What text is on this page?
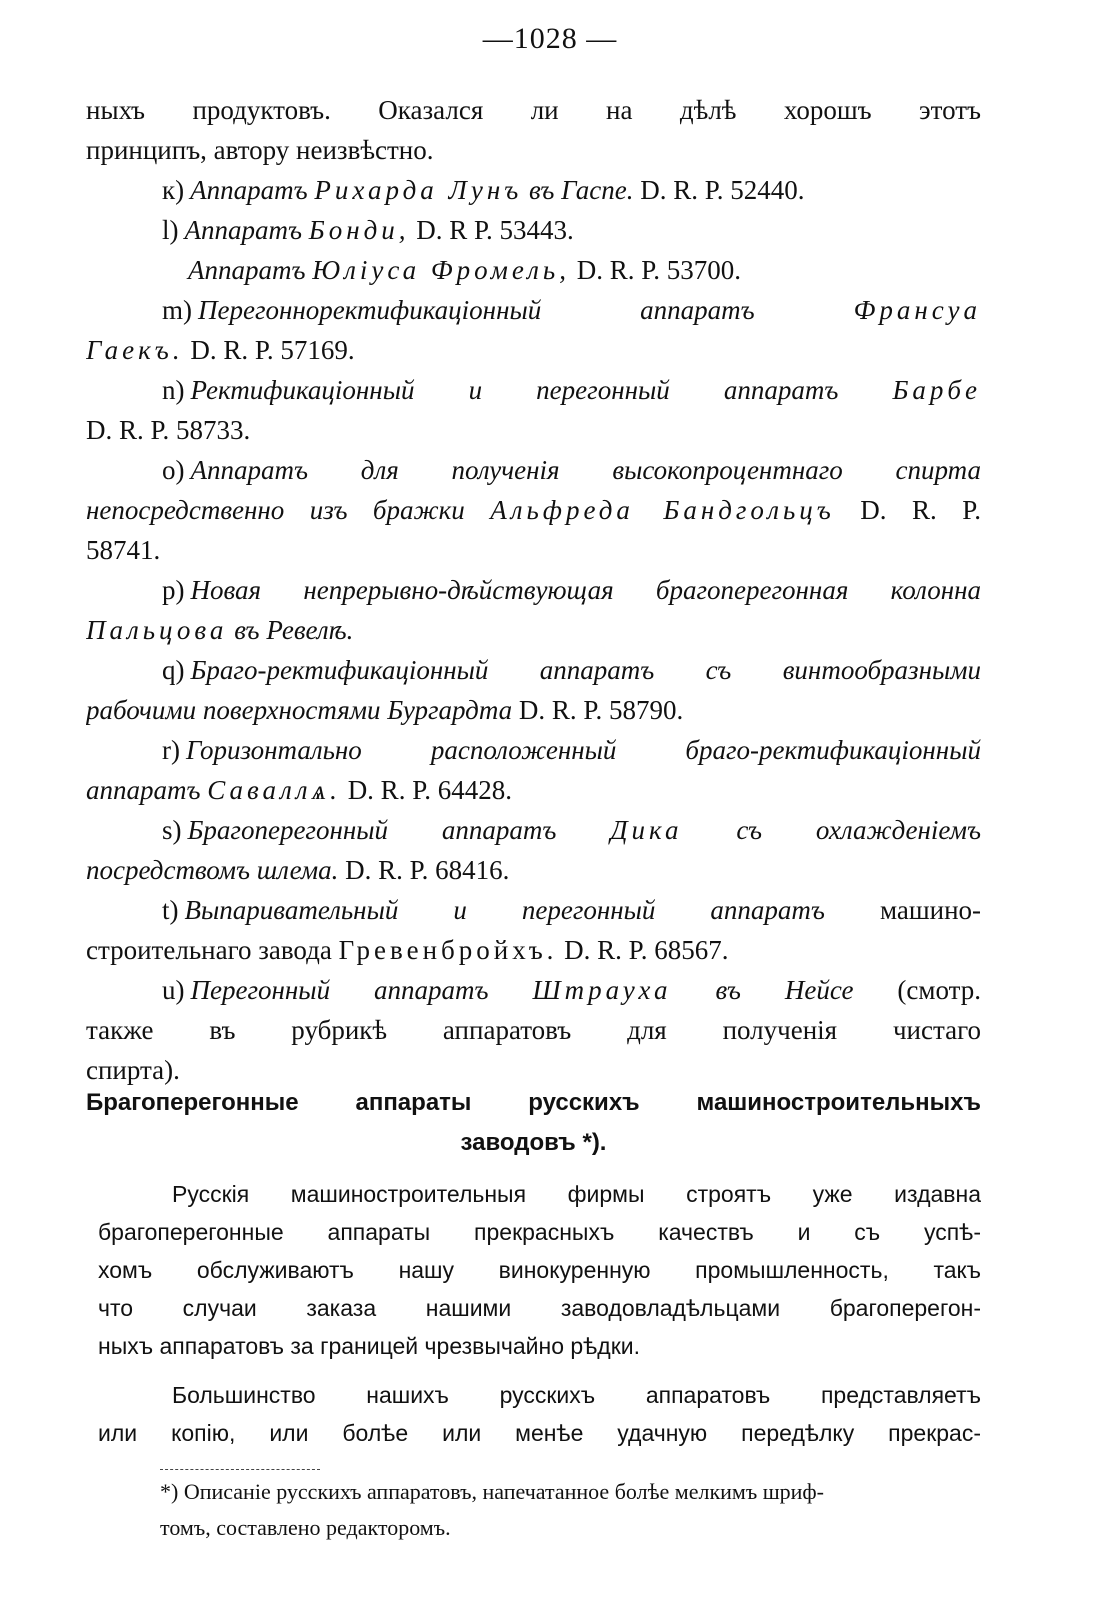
—1028 —
ныхъ продуктовъ. Оказался ли на дѣлѣ хорошъ этотъ
принципъ, автору неизвѣстно.
к) Аппаратъ Рихарда Лунъ въ Гаспе. D. R. P. 52440.
l) Аппаратъ Бонди, D. R P. 53443.
Аппаратъ Юліуса Фромель, D. R. P. 53700.
m) Перегоннoректификаціонный аппаратъ	Франсуа
Гаекъ. D. R. P. 57169.
n) Ректификаціонный и перегонный аппаратъ Барбе
D. R. P. 58733.
o) Аппаратъ для полученія высокопроцентнаго спирта
непосредственно изъ бражки Альфреда Бандгольцъ D. R. P.
58741.
p) Новая непрерывно-дѣйствующая брагоперегонная колонна
Пальцова въ Ревелѣ.
q) Браго-ректификаціонный аппаратъ съ винтообразными
рабочими поверхностями Бургардта D. R. P. 58790.
r) Горизонтально расположенный браго-ректификаціонный
аппаратъ Саваллѧ. D. R. P. 64428.
s) Брагоперегонный аппаратъ Дика съ охлажденіемъ
посредствомъ шлема. D. R. P. 68416.
t) Выпаривательный и перегонный аппаратъ машино-
строительнаго завода Гревенбройхъ. D. R. P. 68567.
u) Перегонный аппаратъ Штрауха въ Нейсе (смотр.
также въ рубрикѣ аппаратовъ для полученія чистаго
спирта).
Брагоперегонные аппараты русскихъ машиностроительныхъ
заводовъ *).
Русскія машиностроительныя фирмы строятъ уже издавна
брагоперегонные аппараты прекрасныхъ качествъ и съ успѣ-
хомъ обслуживаютъ нашу винокуренную промышленность, такъ
что случаи заказа нашими заводовладѣльцами брагоперегон-
ныхъ аппаратовъ за границей чрезвычайно рѣдки.
Большинство нашихъ русскихъ аппаратовъ представляетъ
или копію, или болѣе или менѣе удачную передѣлку прекрас-
*) Описаніе русскихъ аппаратовъ, напечатанное болѣе мелкимъ шриф-
томъ, составлено редакторомъ.
